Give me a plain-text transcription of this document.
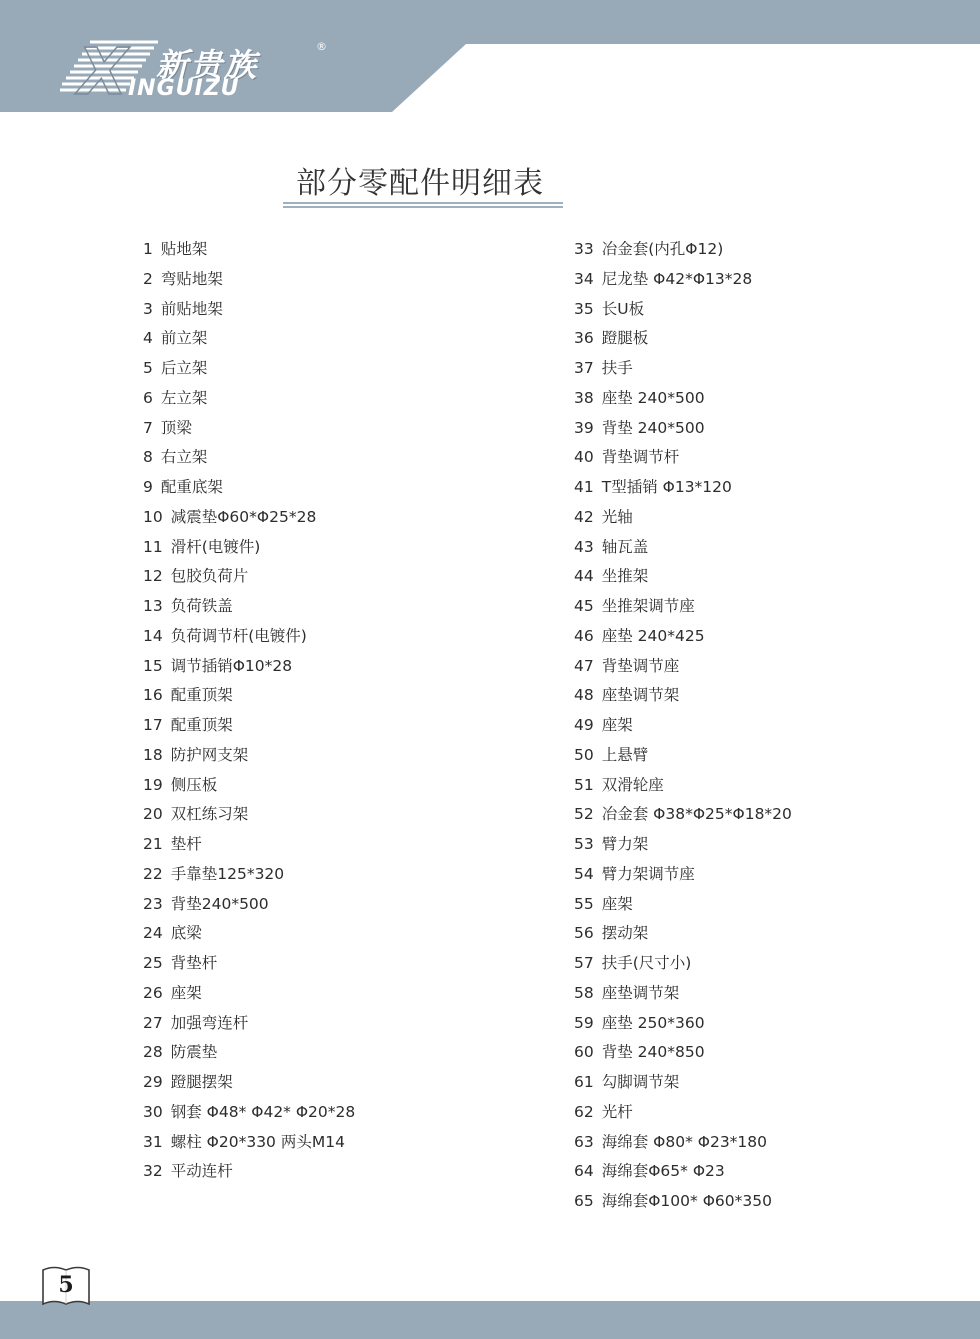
X 新贵族	®
INGUIZU
部分零配件明细表
1 贴地架
2 弯贴地架
3 前贴地架
4 前立架
5 后立架
6 左立架
7 顶梁
8 右立架
9 配重底架
10 减震垫Φ60*Φ25*28
11 滑杆(电镀件)
12 包胶负荷片
13 负荷铁盖
14 负荷调节杆(电镀件)
15 调节插销Φ10*28
16 配重顶架
17 配重顶架
18 防护网支架
19 侧压板
20 双杠练习架
21 垫杆
22 手靠垫125*320
23 背垫240*500
24 底梁
25 背垫杆
26 座架
27 加强弯连杆
28 防震垫
29 蹬腿摆架
30 钢套 Φ48* Φ42* Φ20*28
31 螺柱 Φ20*330 两头M14
32 平动连杆
33 冶金套(内孔Φ12)
34 尼龙垫 Φ42*Φ13*28
35 长U板
36 蹬腿板
37 扶手
38 座垫 240*500
39 背垫 240*500
40 背垫调节杆
41 T型插销 Φ13*120
42 光轴
43 轴瓦盖
44 坐推架
45 坐推架调节座
46 座垫 240*425
47 背垫调节座
48 座垫调节架
49 座架
50 上悬臂
51 双滑轮座
52 冶金套 Φ38*Φ25*Φ18*20
53 臂力架
54 臂力架调节座
55 座架
56 摆动架
57 扶手(尺寸小)
58 座垫调节架
59 座垫 250*360
60 背垫 240*850
61 勾脚调节架
62 光杆
63 海绵套 Φ80* Φ23*180
64 海绵套Φ65* Φ23
65 海绵套Φ100* Φ60*350
5
